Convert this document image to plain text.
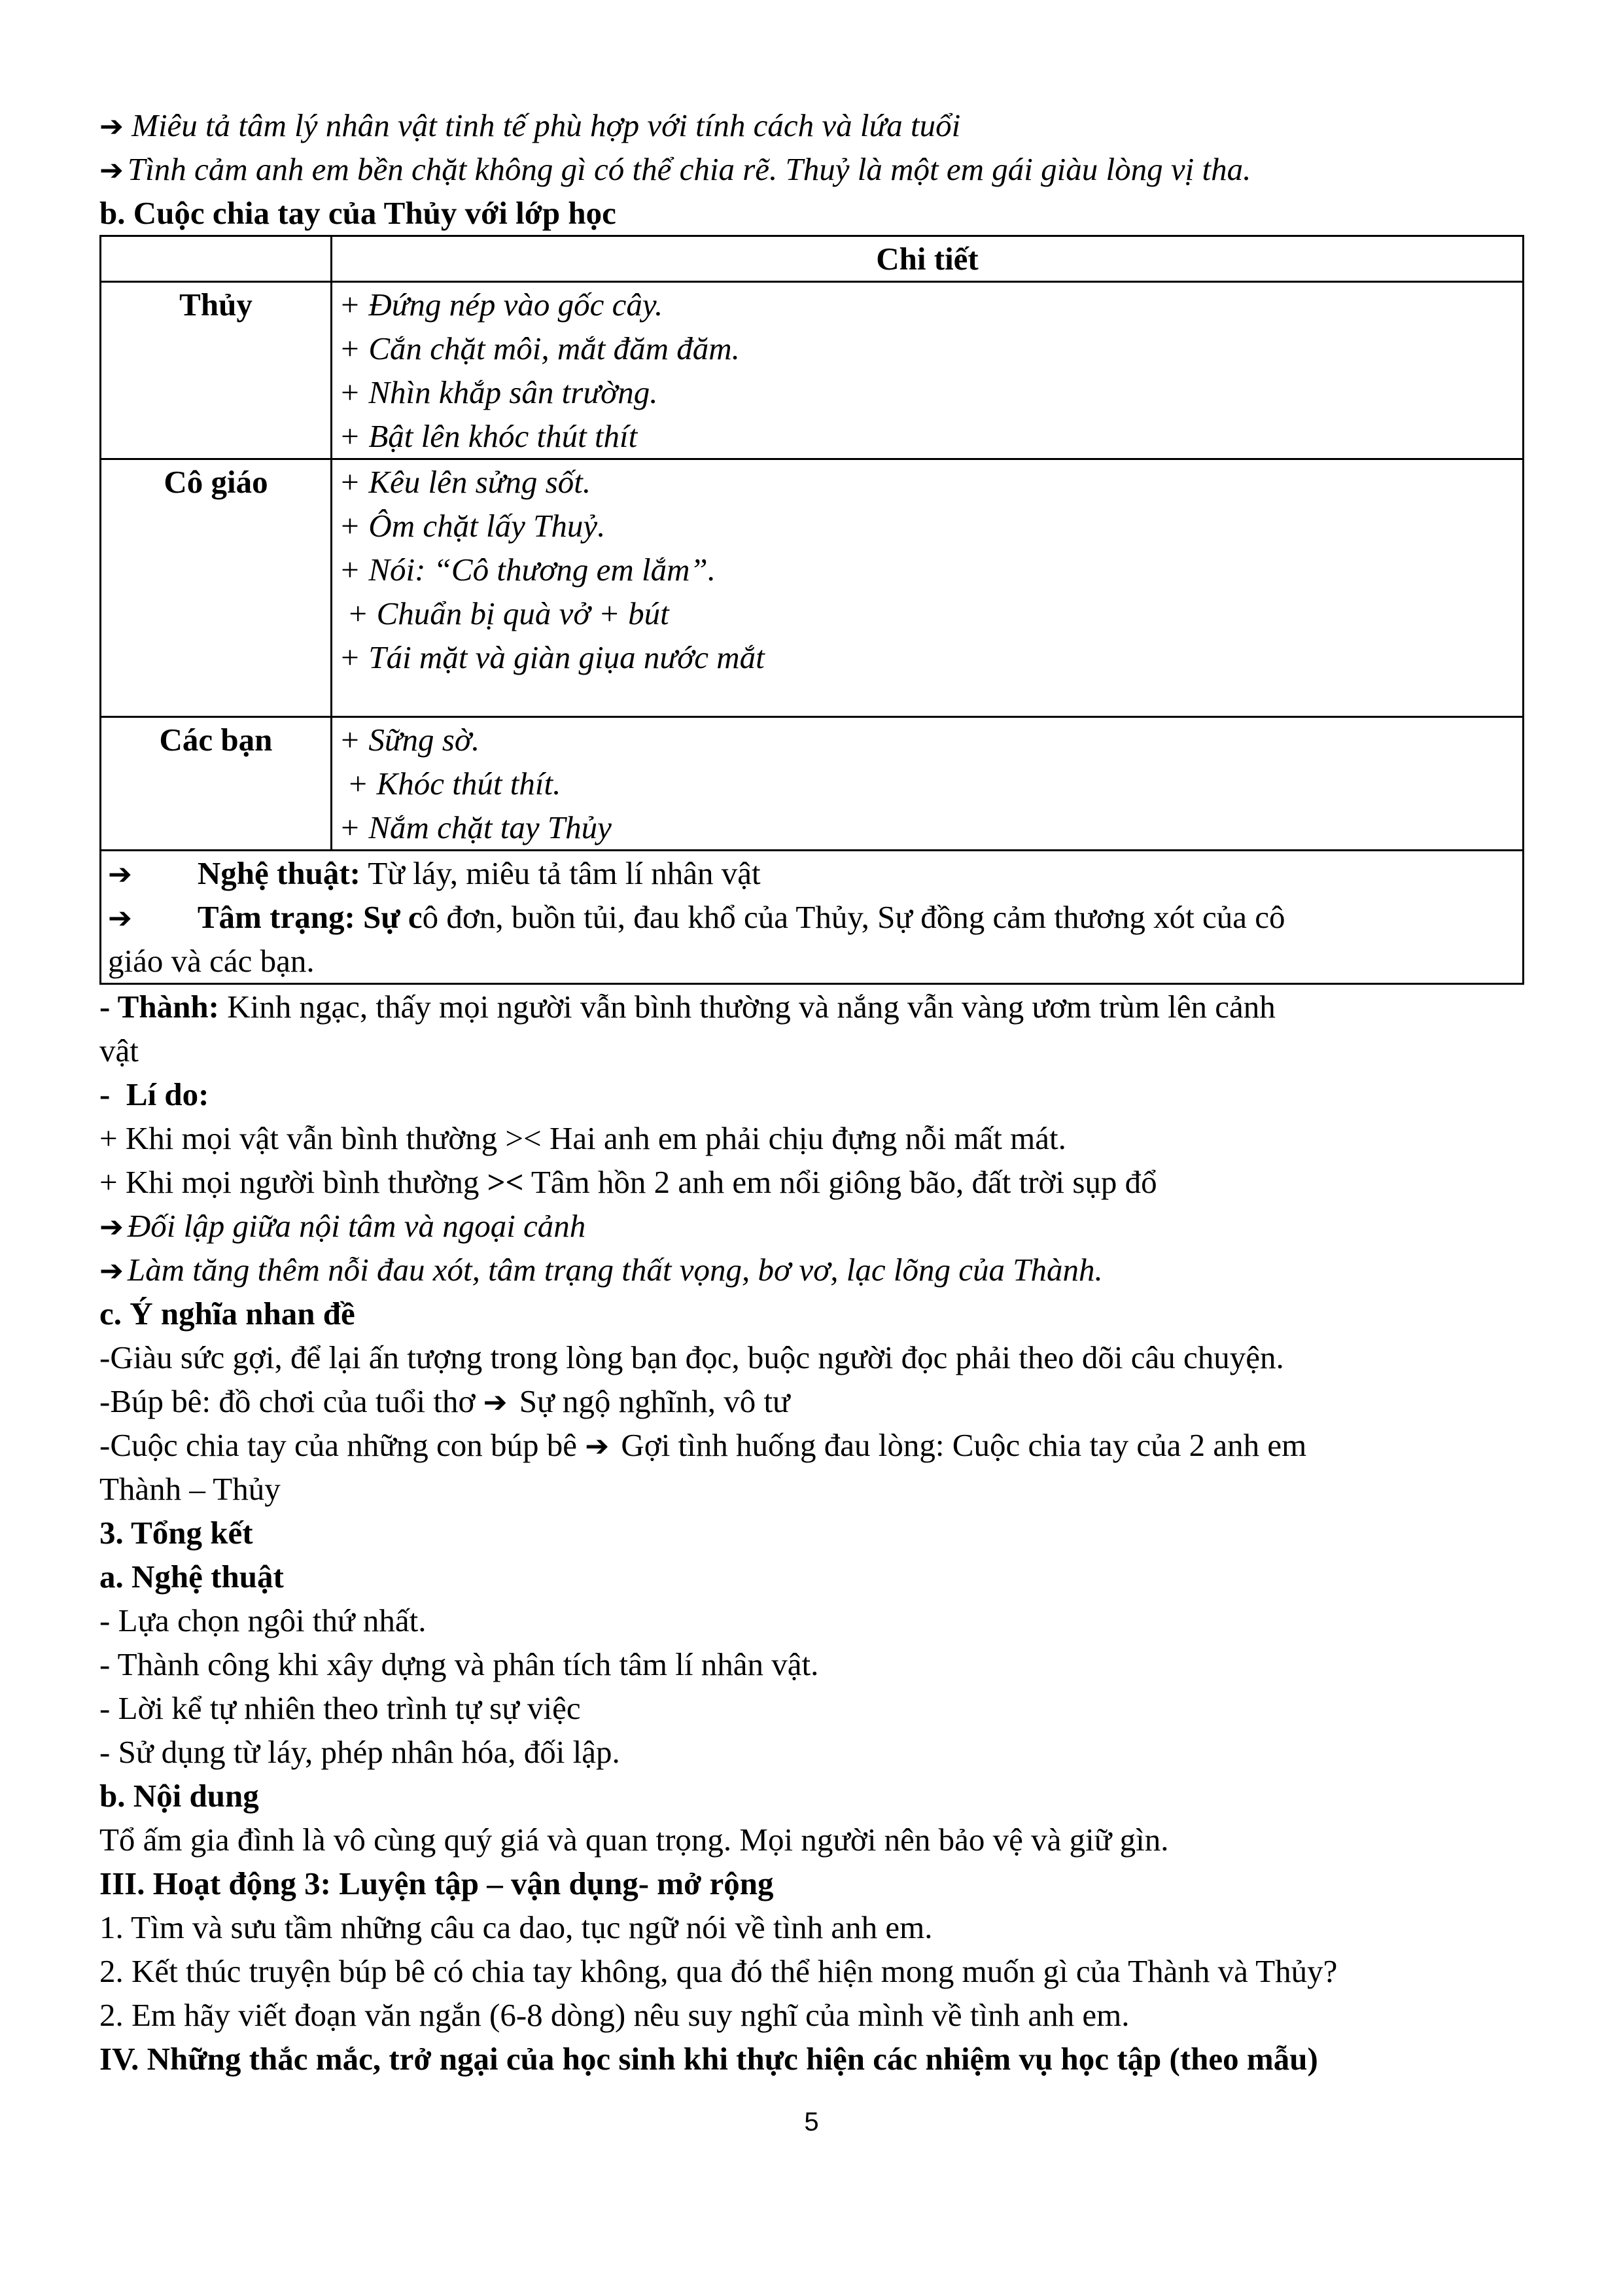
➔ Miêu tả tâm lý nhân vật tinh tế phù hợp với tính cách và lứa tuổi
➔ Tình cảm anh em bền chặt không gì có thể chia rẽ. Thuỷ là một em gái giàu lòng vị tha.
b. Cuộc chia tay của Thủy với lớp học
	Chi tiết
Thủy	+ Đứng nép vào gốc cây.
+ Cắn chặt môi, mắt đăm đăm.
+ Nhìn khắp sân trường.
+ Bật lên khóc thút thít

Cô giáo	+ Kêu lên sửng sốt.
+ Ôm chặt lấy Thuỷ.
+ Nói: “Cô thương em lắm”.
+ Chuẩn bị quà vở + bút
+ Tái mặt và giàn giụa nước mắt

Các bạn	+ Sững sờ.
+ Khóc thút thít.
+ Nắm chặt tay Thủy

➔ Nghệ thuật: Từ láy, miêu tả tâm lí nhân vật
➔ Tâm trạng: Sự cô đơn, buồn tủi, đau khổ của Thủy, Sự đồng cảm thương xót của cô
giáo và các bạn.	
- Thành: Kinh ngạc, thấy mọi người vẫn bình thường và nắng vẫn vàng ươm trùm lên cảnh
vật
-  Lí do:
+ Khi mọi vật vẫn bình thường >< Hai anh em phải chịu đựng nỗi mất mát.
+ Khi mọi người bình thường >< Tâm hồn 2 anh em nổi giông bão, đất trời sụp đổ
➔ Đối lập giữa nội tâm và ngoại cảnh
➔ Làm tăng thêm nỗi đau xót, tâm trạng thất vọng, bơ vơ, lạc lõng của Thành.
c. Ý nghĩa nhan đề
-Giàu sức gợi, để lại ấn tượng trong lòng bạn đọc, buộc người đọc phải theo dõi câu chuyện.
-Búp bê: đồ chơi của tuổi thơ ➔ Sự ngộ nghĩnh, vô tư
-Cuộc chia tay của những con búp bê ➔ Gợi tình huống đau lòng: Cuộc chia tay của 2 anh em
Thành – Thủy
3. Tổng kết
a. Nghệ thuật
- Lựa chọn ngôi thứ nhất.
- Thành công khi xây dựng và phân tích tâm lí nhân vật.
- Lời kể tự nhiên theo trình tự sự việc
- Sử dụng từ láy, phép nhân hóa, đối lập.
b. Nội dung
Tổ ấm gia đình là vô cùng quý giá và quan trọng. Mọi người nên bảo vệ và giữ gìn.
III. Hoạt động 3: Luyện tập – vận dụng- mở rộng
1. Tìm và sưu tầm những câu ca dao, tục ngữ nói về tình anh em.
2. Kết thúc truyện búp bê có chia tay không, qua đó thể hiện mong muốn gì của Thành và Thủy?
2. Em hãy viết đoạn văn ngắn (6-8 dòng) nêu suy nghĩ của mình về tình anh em.
IV. Những thắc mắc, trở ngại của học sinh khi thực hiện các nhiệm vụ học tập (theo mẫu)
5
